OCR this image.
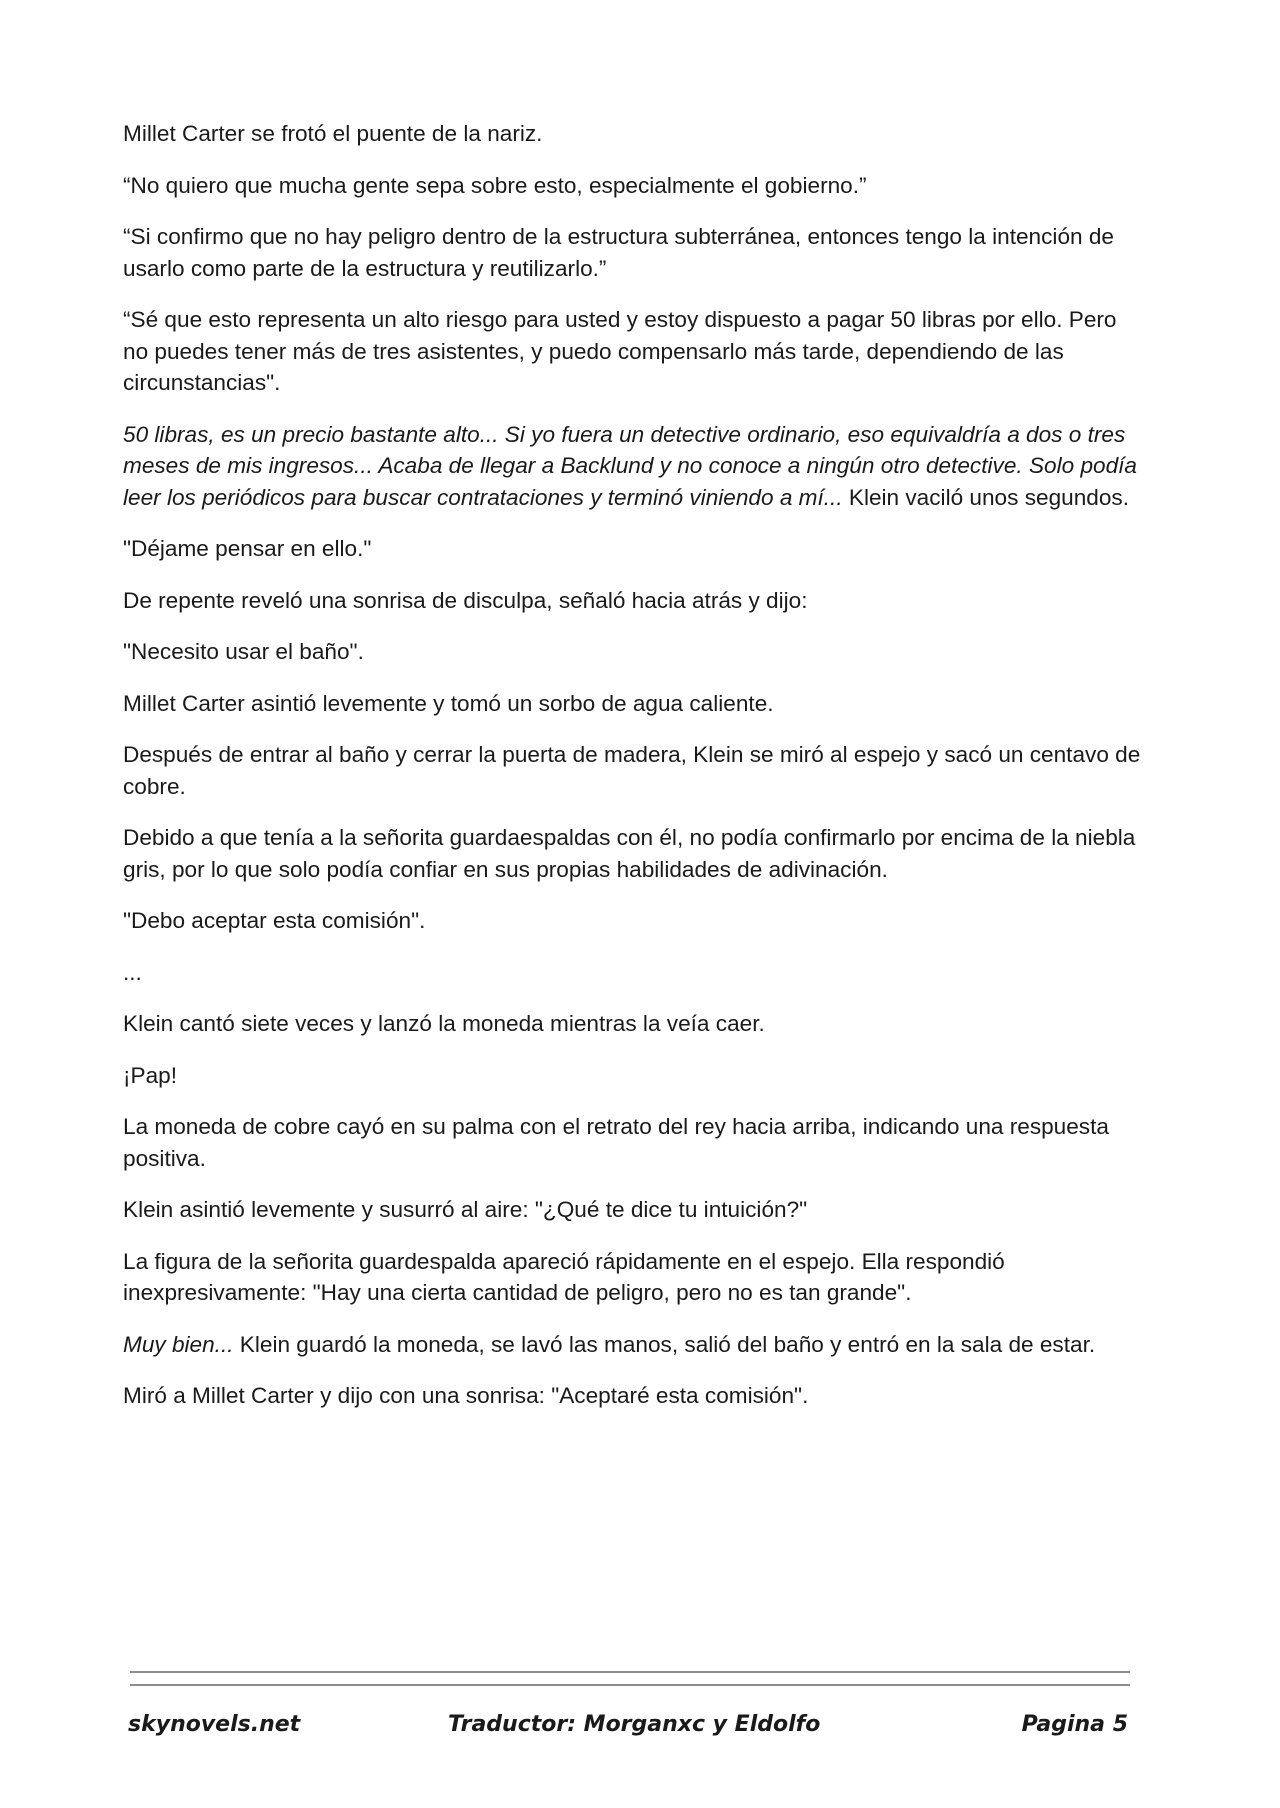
Millet Carter se frotó el puente de la nariz.

“No quiero que mucha gente sepa sobre esto, especialmente el gobierno.”

“Si confirmo que no hay peligro dentro de la estructura subterránea, entonces tengo la intención de usarlo como parte de la estructura y reutilizarlo.”

“Sé que esto representa un alto riesgo para usted y estoy dispuesto a pagar 50 libras por ello. Pero no puedes tener más de tres asistentes, y puedo compensarlo más tarde, dependiendo de las circunstancias".

50 libras, es un precio bastante alto... Si yo fuera un detective ordinario, eso equivaldría a dos o tres meses de mis ingresos... Acaba de llegar a Backlund y no conoce a ningún otro detective. Solo podía leer los periódicos para buscar contrataciones y terminó viniendo a mí... Klein vaciló unos segundos.

"Déjame pensar en ello."

De repente reveló una sonrisa de disculpa, señaló hacia atrás y dijo:

"Necesito usar el baño".

Millet Carter asintió levemente y tomó un sorbo de agua caliente.

Después de entrar al baño y cerrar la puerta de madera, Klein se miró al espejo y sacó un centavo de cobre.

Debido a que tenía a la señorita guardaespaldas con él, no podía confirmarlo por encima de la niebla gris, por lo que solo podía confiar en sus propias habilidades de adivinación.

"Debo aceptar esta comisión".

...

Klein cantó siete veces y lanzó la moneda mientras la veía caer.

¡Pap!

La moneda de cobre cayó en su palma con el retrato del rey hacia arriba, indicando una respuesta positiva.

Klein asintió levemente y susurró al aire: "¿Qué te dice tu intuición?"

La figura de la señorita guardespalda apareció rápidamente en el espejo. Ella respondió inexpresivamente: "Hay una cierta cantidad de peligro, pero no es tan grande".

Muy bien... Klein guardó la moneda, se lavó las manos, salió del baño y entró en la sala de estar.

Miró a Millet Carter y dijo con una sonrisa: "Aceptaré esta comisión".

skynovels.net	Traductor: Morganxc y Eldolfo	Pagina 5
